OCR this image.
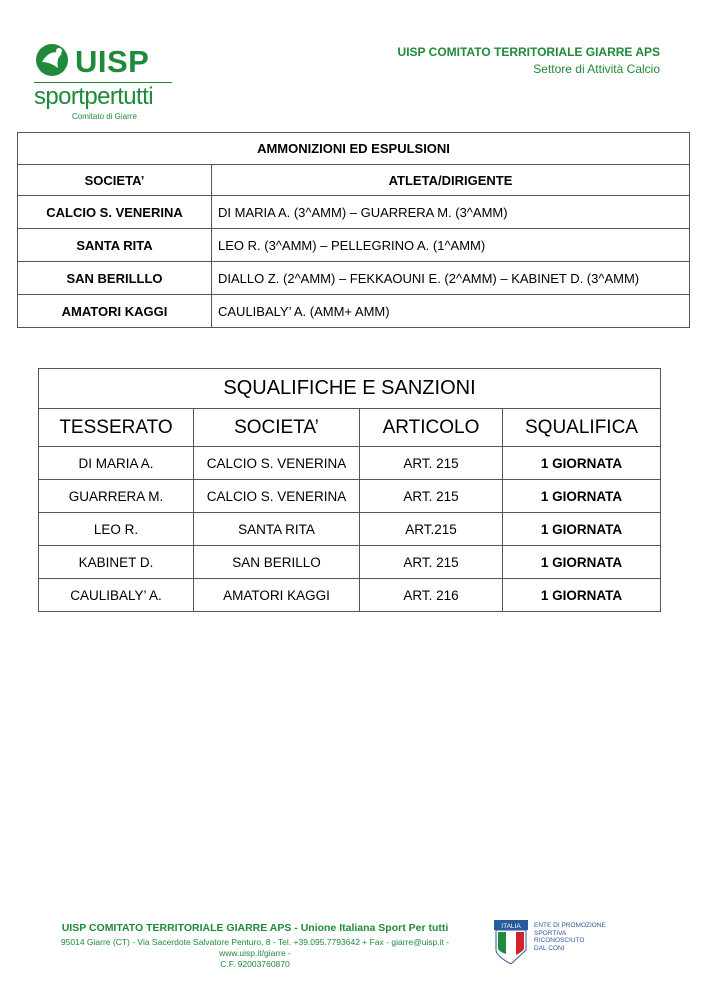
UISP
sportpertutti
Comitato di Giarre
UISP COMITATO TERRITORIALE GIARRE APS
Settore di Attività Calcio
AMMONIZIONI ED ESPULSIONI	
SOCIETA’	ATLETA/DIRIGENTE
CALCIO S. VENERINA	DI MARIA A. (3^AMM) – GUARRERA M. (3^AMM)
SANTA RITA	LEO R. (3^AMM) – PELLEGRINO A. (1^AMM)
SAN BERILLLO	DIALLO Z. (2^AMM) – FEKKAOUNI E. (2^AMM) – KABINET D. (3^AMM)
AMATORI KAGGI	CAULIBALY’ A. (AMM+ AMM)
SQUALIFICHE E SANZIONI			
TESSERATO	SOCIETA’	ARTICOLO	SQUALIFICA
DI MARIA A.	CALCIO S. VENERINA	ART. 215	1 GIORNATA
GUARRERA M.	CALCIO S. VENERINA	ART. 215	1 GIORNATA
LEO R.	SANTA RITA	ART.215	1 GIORNATA
KABINET D.	SAN BERILLO	ART. 215	1 GIORNATA
CAULIBALY’ A.	AMATORI KAGGI	ART. 216	1 GIORNATA
UISP COMITATO TERRITORIALE GIARRE APS - Unione Italiana Sport Per tutti
95014 Giarre (CT) - Via Sacerdote Salvatore Penturo, 8 - Tel. +39.095.7793642 + Fax - giarre@uisp.it - www.uisp.it/giarre -
C.F. 92003760870
ITALIA ENTE DI PROMOZIONE
SPORTIVA
RICONOSCIUTO
DAL CONI
